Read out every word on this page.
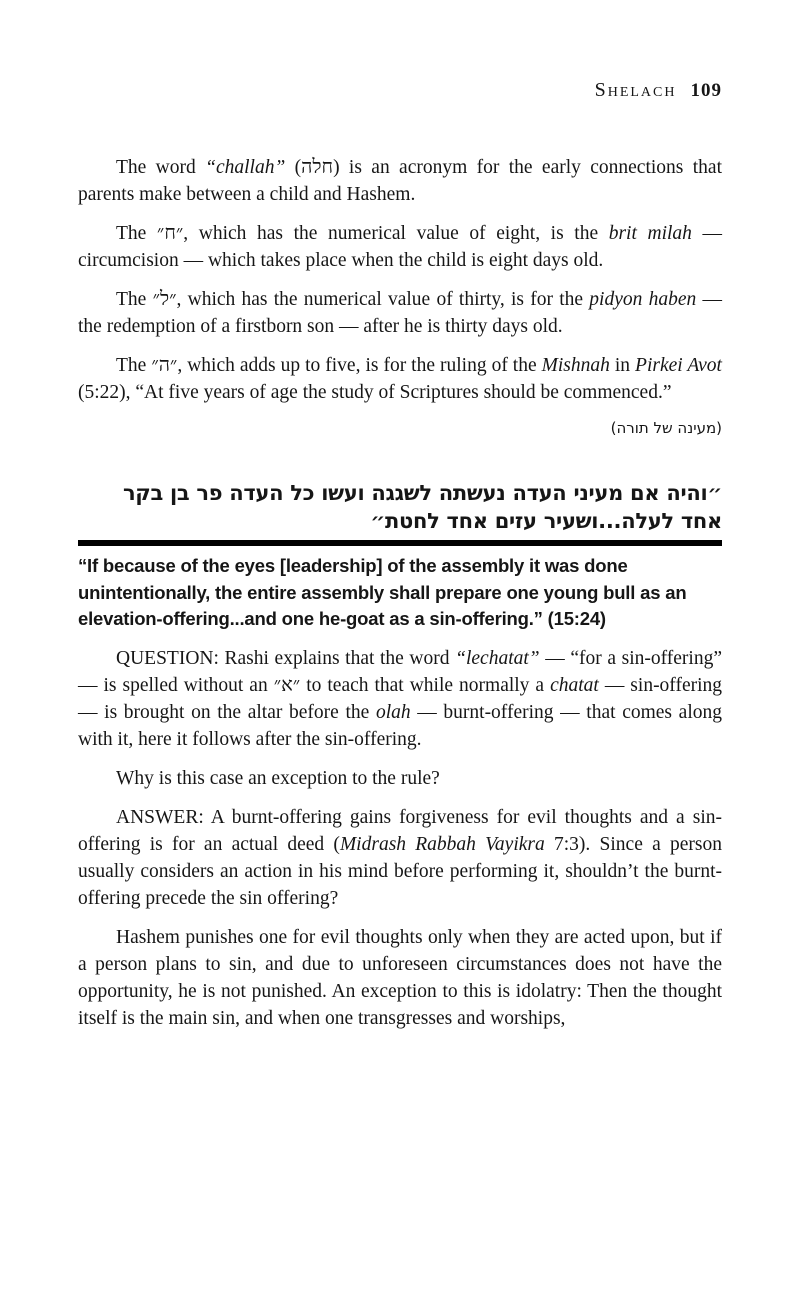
Shelach 109

The word “challah” (חלה) is an acronym for the early connections that parents make between a child and Hashem.

The ״ח״, which has the numerical value of eight, is the brit milah — circumcision — which takes place when the child is eight days old.

The ״ל״, which has the numerical value of thirty, is for the pidyon haben — the redemption of a firstborn son — after he is thirty days old.

The ״ה״, which adds up to five, is for the ruling of the Mishnah in Pirkei Avot (5:22), “At five years of age the study of Scriptures should be commenced.”

(מעינה של תורה)

״והיה אם מעיני העדה נעשתה לשגגה ועשו כל העדה פר בן בקר אחד לעלה...ושעיר עזים אחד לחטת״

“If because of the eyes [leadership] of the assembly it was done unintentionally, the entire assembly shall prepare one young bull as an elevation-offering...and one he-goat as a sin-offering.” (15:24)

QUESTION: Rashi explains that the word “lechatat” — “for a sin-offering” — is spelled without an ״א״ to teach that while normally a chatat — sin-offering — is brought on the altar before the olah — burnt-offering — that comes along with it, here it follows after the sin-offering.

Why is this case an exception to the rule?

ANSWER: A burnt-offering gains forgiveness for evil thoughts and a sin-offering is for an actual deed (Midrash Rabbah Vayikra 7:3). Since a person usually considers an action in his mind before performing it, shouldn’t the burnt-offering precede the sin offering?

Hashem punishes one for evil thoughts only when they are acted upon, but if a person plans to sin, and due to unforeseen circumstances does not have the opportunity, he is not punished. An exception to this is idolatry: Then the thought itself is the main sin, and when one transgresses and worships,
